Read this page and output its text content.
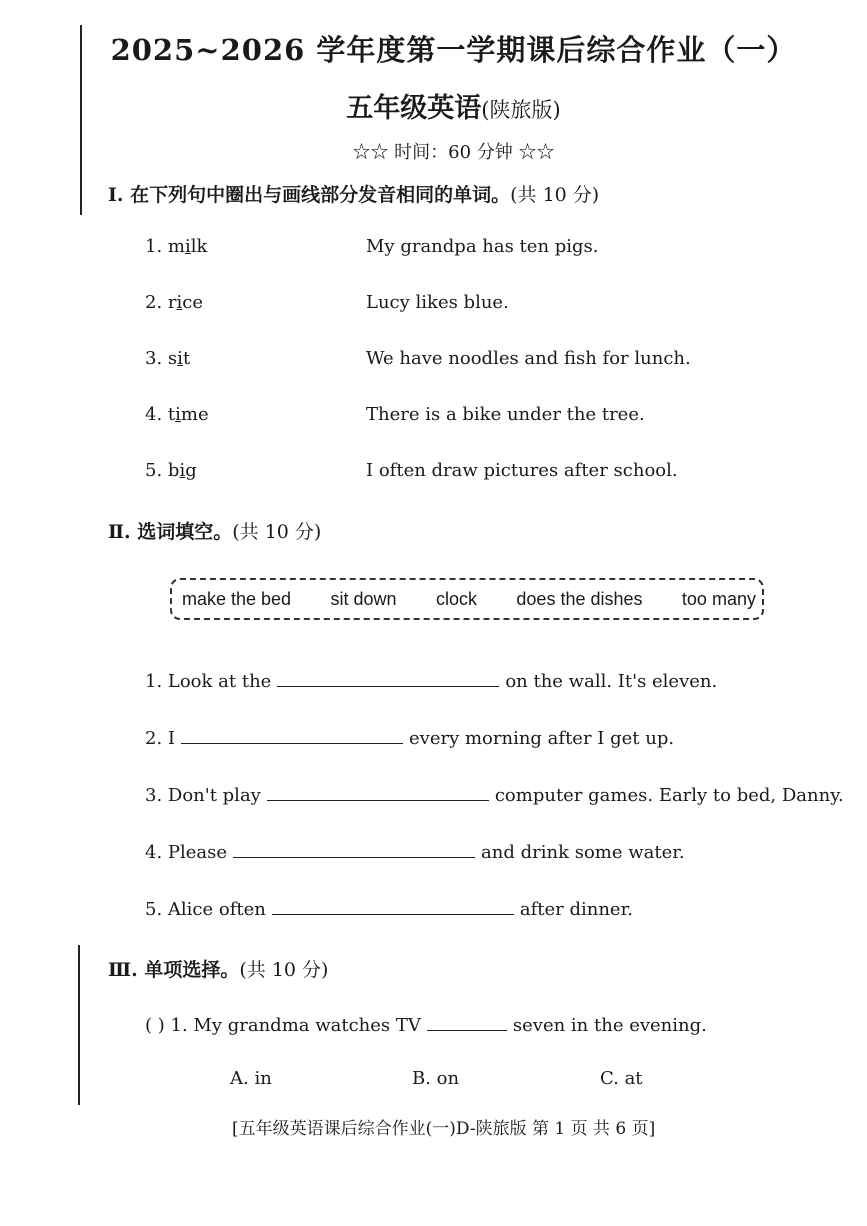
2025~2026 学年度第一学期课后综合作业（一）
五年级英语(陕旅版)
☆☆ 时间：60 分钟 ☆☆
Ⅰ. 在下列句中圈出与画线部分发音相同的单词。(共 10 分)
1. milk	My grandpa has ten pigs.
2. rice	Lucy likes blue.
3. sit	We have noodles and fish for lunch.
4. time	There is a bike under the tree.
5. big	I often draw pictures after school.
Ⅱ. 选词填空。(共 10 分)
make the bed sit down clock does the dishes too many
1. Look at the	on the wall. It's eleven.
2. I	every morning after I get up.
3. Don't play	computer games. Early to bed, Danny.
4. Please	and drink some water.
5. Alice often	after dinner.
Ⅲ. 单项选择。(共 10 分)
( ) 1. My grandma watches TV	seven in the evening.
A. in	B. on	C. at
[五年级英语课后综合作业(一)D-陕旅版 第 1 页 共 6 页]
